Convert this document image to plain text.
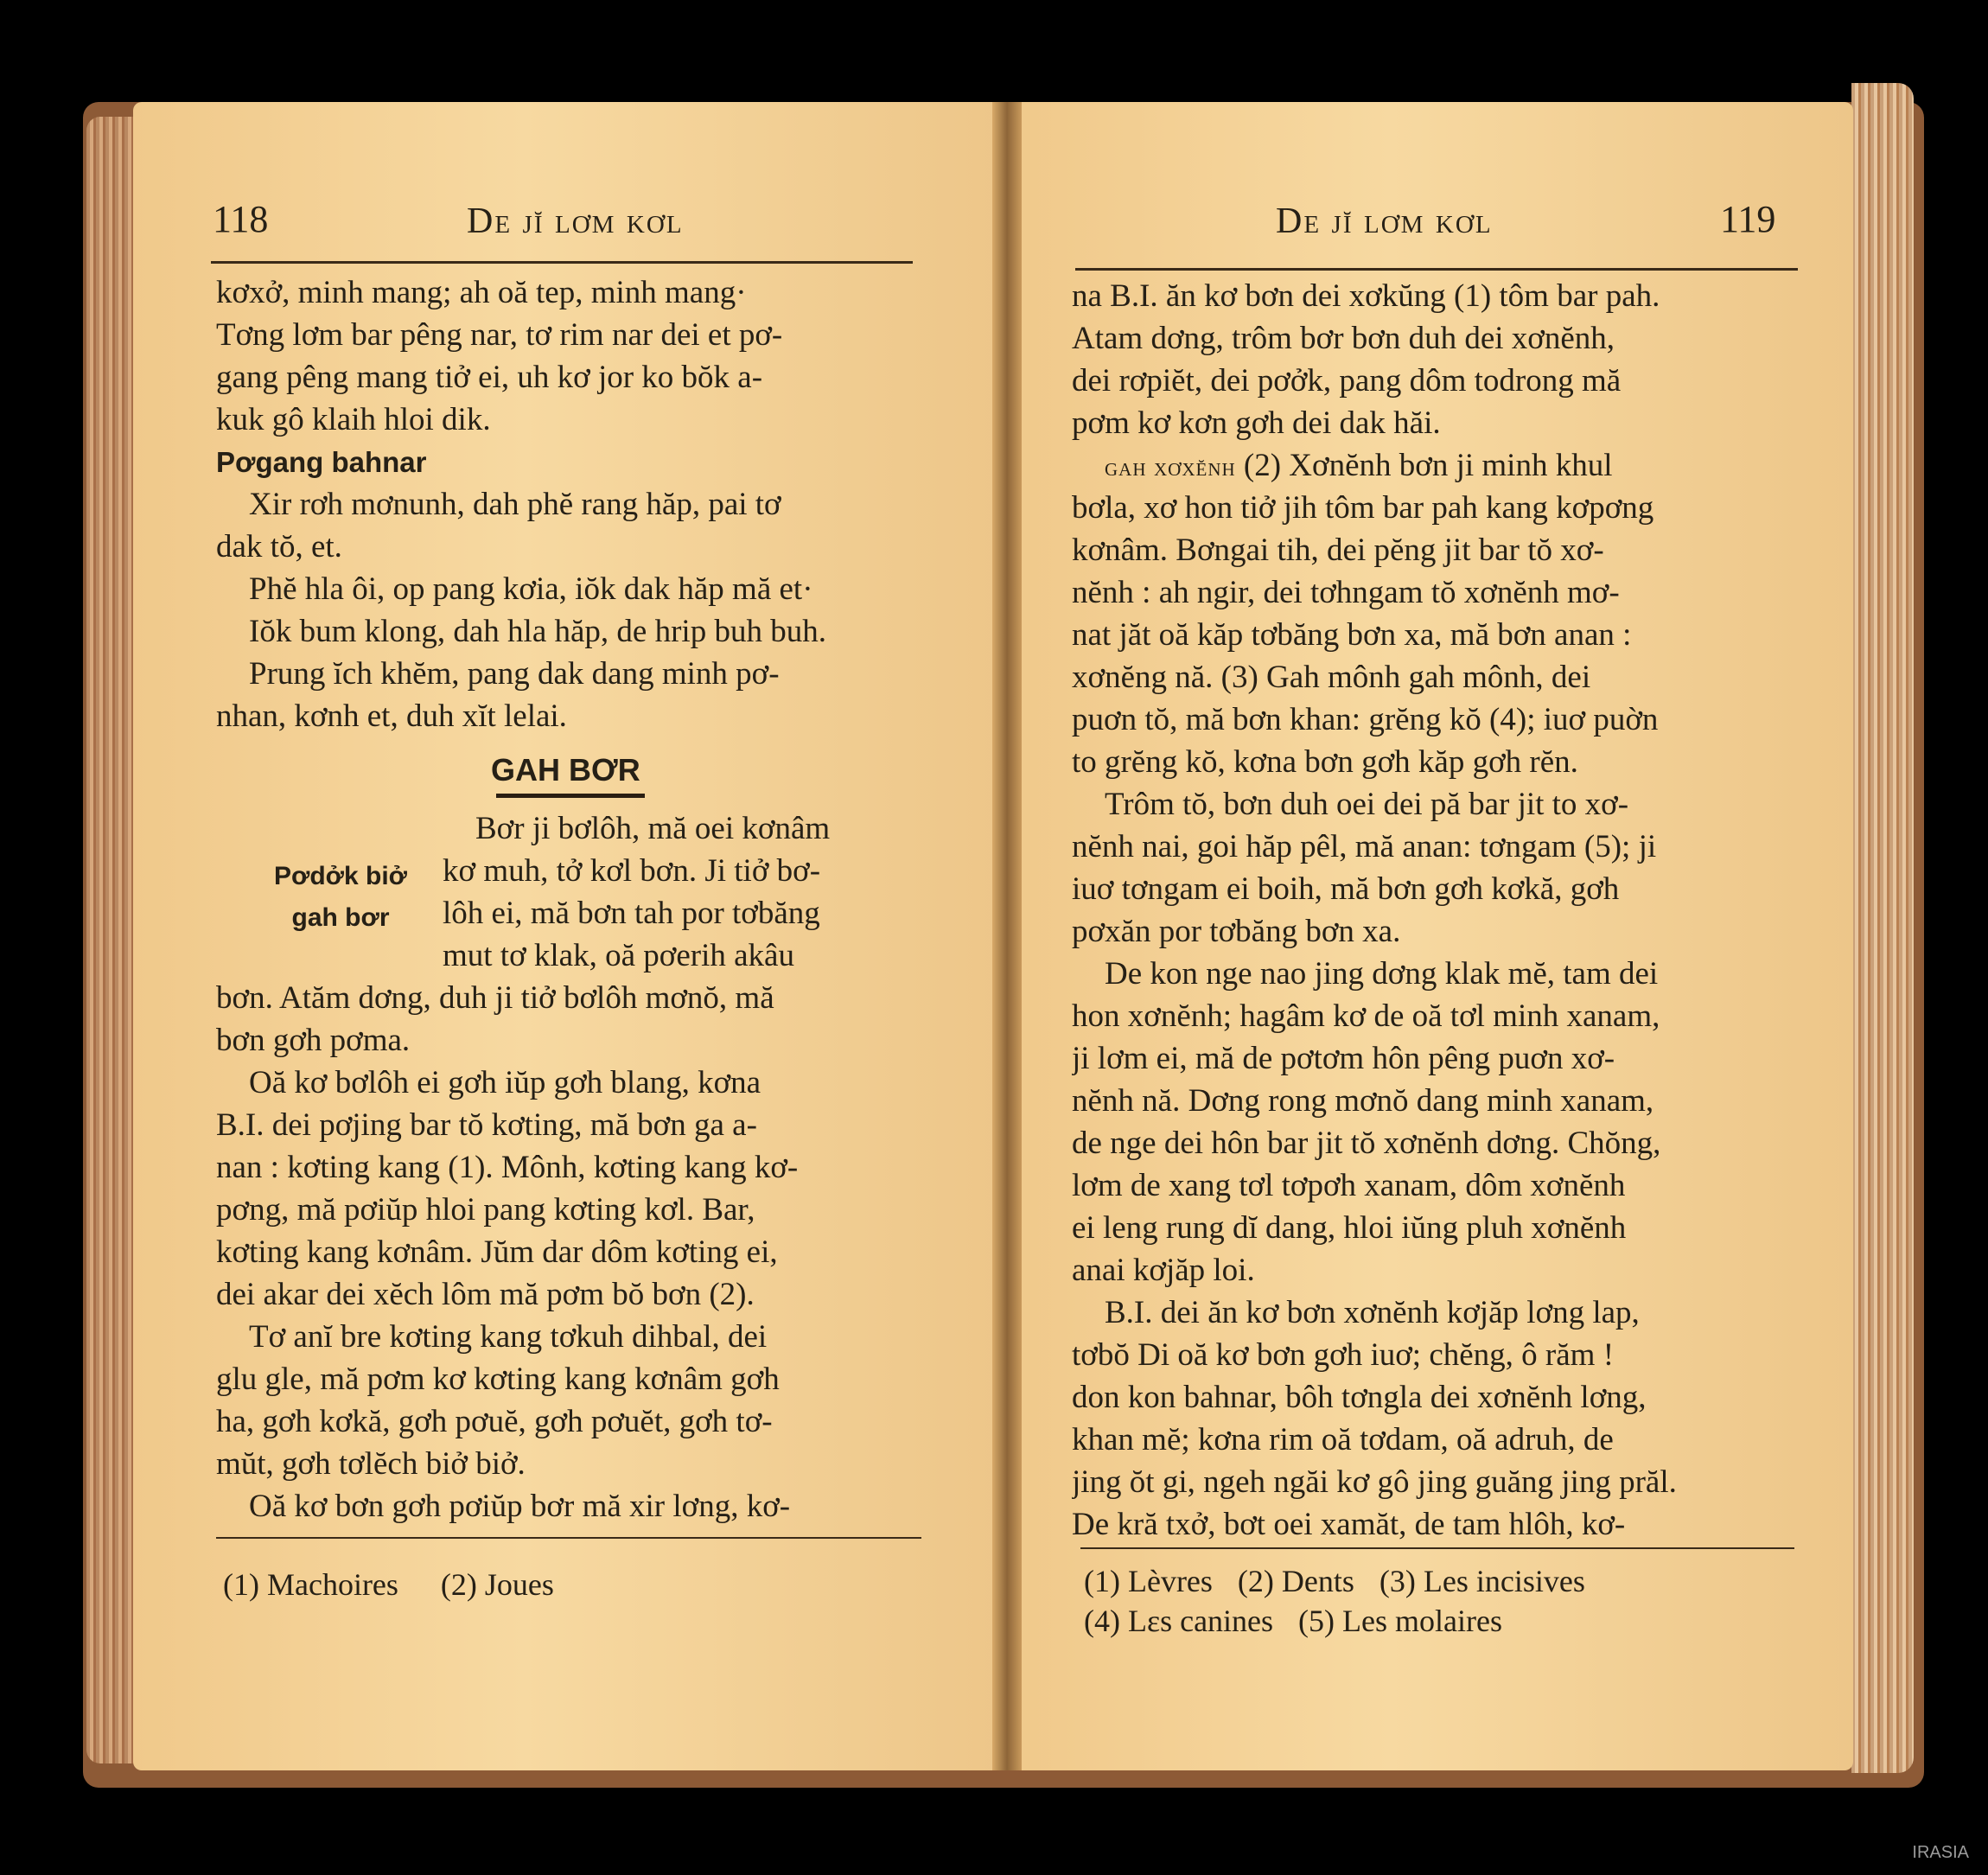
118	De jĭ lơm kơl
kơxở, minh mang; ah oă tep, minh mang·
Tơng lơm bar pêng nar, tơ rim nar dei et pơ-
gang pêng mang tiở ei, uh kơ jor ko bŏk a-
kuk gô klaih hloi dik.
Pơgang bahnar
Xir rơh mơnunh, dah phĕ rang hăp, pai tơ
dak tŏ, et.
Phĕ hla ôi, op pang kơia, iŏk dak hăp mă et·
Iŏk bum klong, dah hla hăp, de hrip buh buh.
Prung ĭch khĕm, pang dak dang minh pơ-
nhan, kơnh et, duh xĭt lelai.
GAH BƠR
Pơdởk biở
gah bơr
Bơr ji bơlôh, mă oei kơnâm
kơ muh, tở kơl bơn. Ji tiở bơ-
lôh ei, mă bơn tah por tơbăng
mut tơ klak, oă pơerih akâu
bơn. Atăm dơng, duh ji tiở bơlôh mơnŏ, mă
bơn gơh pơma.
Oă kơ bơlôh ei gơh iŭp gơh blang, kơna
B.I. dei pơjing bar tŏ kơting, mă bơn ga a-
nan : kơting kang (1). Mônh, kơting kang kơ-
pơng, mă pơiŭp hloi pang kơting kơl. Bar,
kơting kang kơnâm. Jŭm dar dôm kơting ei,
dei akar dei xĕch lôm mă pơm bŏ bơn (2).
Tơ anĭ bre kơting kang tơkuh dihbal, dei
glu gle, mă pơm kơ kơting kang kơnâm gơh
ha, gơh kơkă, gơh pơuĕ, gơh pơuĕt, gơh tơ-
mŭt, gơh tơlĕch biở biở.
Oă kơ bơn gơh pơiŭp bơr mă xir lơng, kơ-
(1) Machoires (2) Joues
De jĭ lơm kơl	119
na B.I. ăn kơ bơn dei xơkŭng (1) tôm bar pah.
Atam dơng, trôm bơr bơn duh dei xơnĕnh,
dei rơpiĕt, dei pơởk, pang dôm todrong mă
pơm kơ kơn gơh dei dak hăi.
gah xơxĕnh (2) Xơnĕnh bơn ji minh khul
bơla, xơ hon tiở jih tôm bar pah kang kơpơng
kơnâm. Bơngai tih, dei pĕng jit bar tŏ xơ-
nĕnh : ah ngir, dei tơhngam tŏ xơnĕnh mơ-
nat jăt oă kăp tơbăng bơn xa, mă bơn anan :
xơnĕng nă. (3) Gah mônh gah mônh, dei
puơn tŏ, mă bơn khan: grĕng kŏ (4); iuơ puờn
to grĕng kŏ, kơna bơn gơh kăp gơh rĕn.
Trôm tŏ, bơn duh oei dei pă bar jit to xơ-
nĕnh nai, goi hăp pêl, mă anan: tơngam (5); ji
iuơ tơngam ei boih, mă bơn gơh kơkă, gơh
pơxăn por tơbăng bơn xa.
De kon nge nao jing dơng klak mĕ, tam dei
hon xơnĕnh; hagâm kơ de oă tơl minh xanam,
ji lơm ei, mă de pơtơm hôn pêng puơn xơ-
nĕnh nă. Dơng rong mơnŏ dang minh xanam,
de nge dei hôn bar jit tŏ xơnĕnh dơng. Chŏng,
lơm de xang tơl tơpơh xanam, dôm xơnĕnh
ei leng rung dĭ dang, hloi iŭng pluh xơnĕnh
anai kơjăp loi.
B.I. dei ăn kơ bơn xơnĕnh kơjăp lơng lap,
tơbŏ Di oă kơ bơn gơh iuơ; chĕng, ô răm !
don kon bahnar, bôh tơngla dei xơnĕnh lơng,
khan mĕ; kơna rim oă tơdam, oă adruh, de
jing ŏt gi, ngeh ngăi kơ gô jing guăng jing prăl.
De kră txở, bơt oei xamăt, de tam hlôh, kơ-
(1) Lèvres (2) Dents (3) Les incisives
(4) Lεs canines (5) Les molaires
IRASIA
